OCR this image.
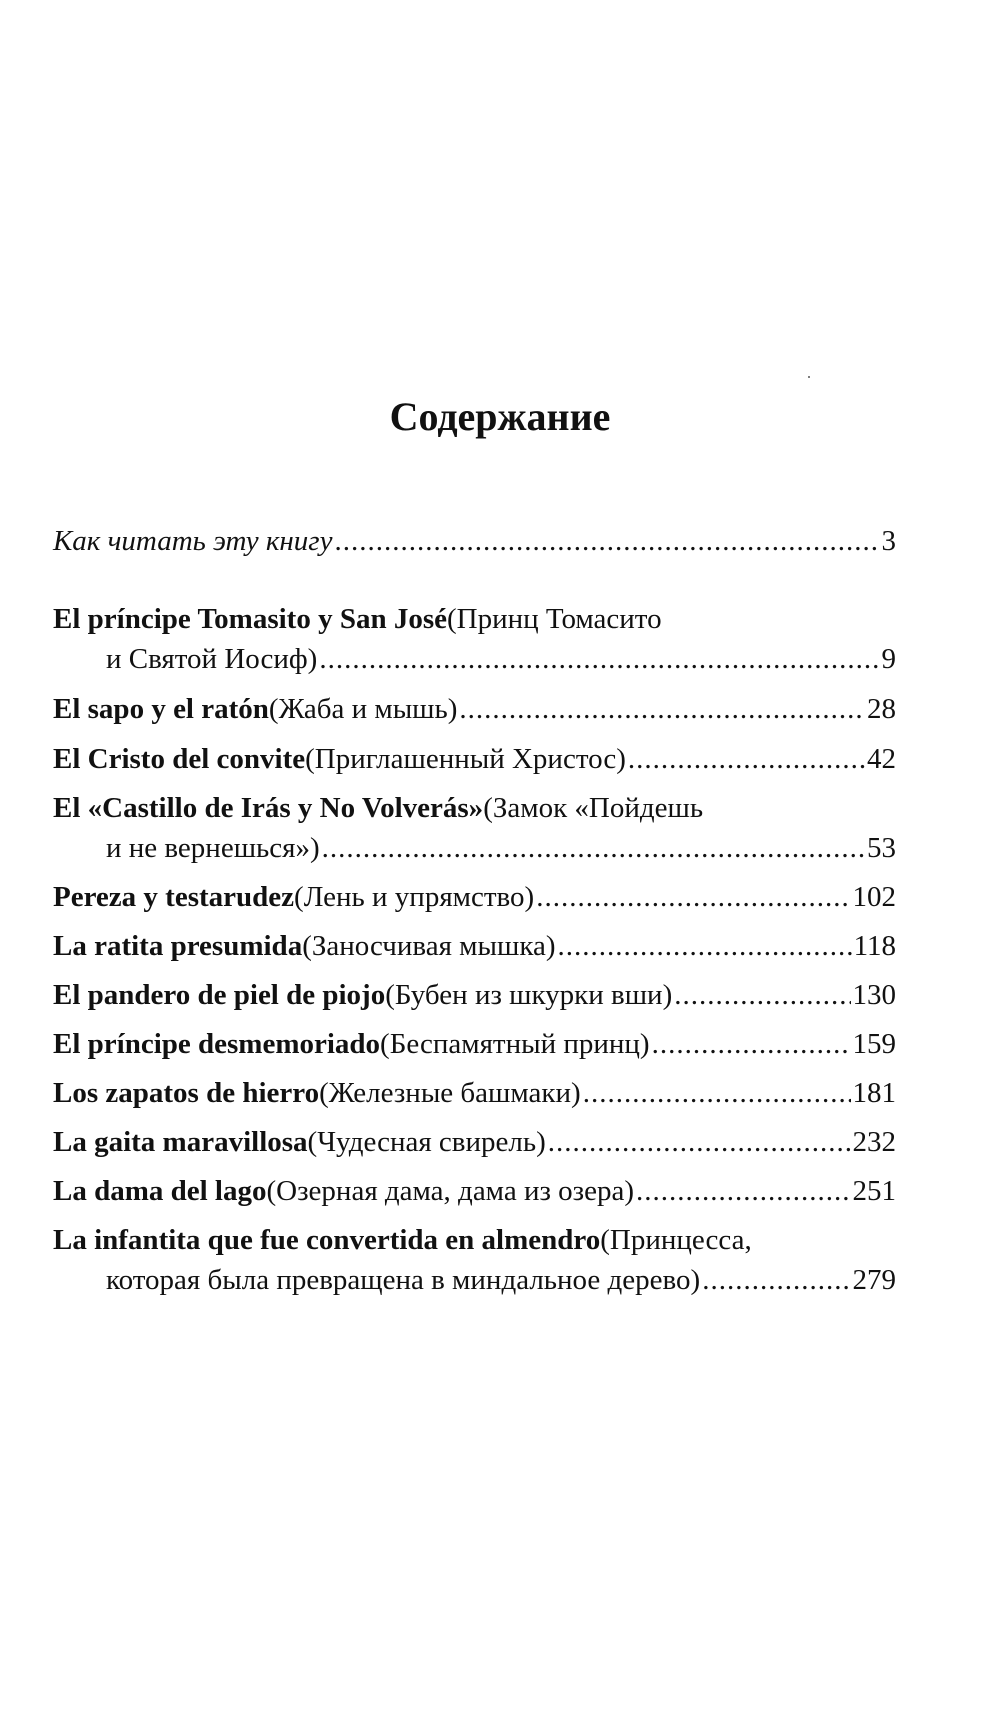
Содержание
Как читать эту книгу .....	3
El príncipe Tomasito y San José (Принц Томасито
и Святой Иосиф) .....	9
El sapo y el ratón (Жаба и мышь) .....	28
El Cristo del convite (Приглашенный Христос) .....	42
El «Castillo de Irás y No Volverás» (Замок «Пойдешь
и не вернешься») .....	53
Pereza y testarudez (Лень и упрямство) .....	102
La ratita presumida (Заносчивая мышка) .....	118
El pandero de piel de piojo (Бубен из шкурки вши) .....	130
El príncipe desmemoriado (Беспамятный принц) .....	159
Los zapatos de hierro (Железные башмаки) .....	181
La gaita maravillosa (Чудесная свирель) .....	232
La dama del lago (Озерная дама, дама из озера) .....	251
La infantita que fue convertida en almendro (Принцесса,
которая была превращена в миндальное дерево) .....	279
